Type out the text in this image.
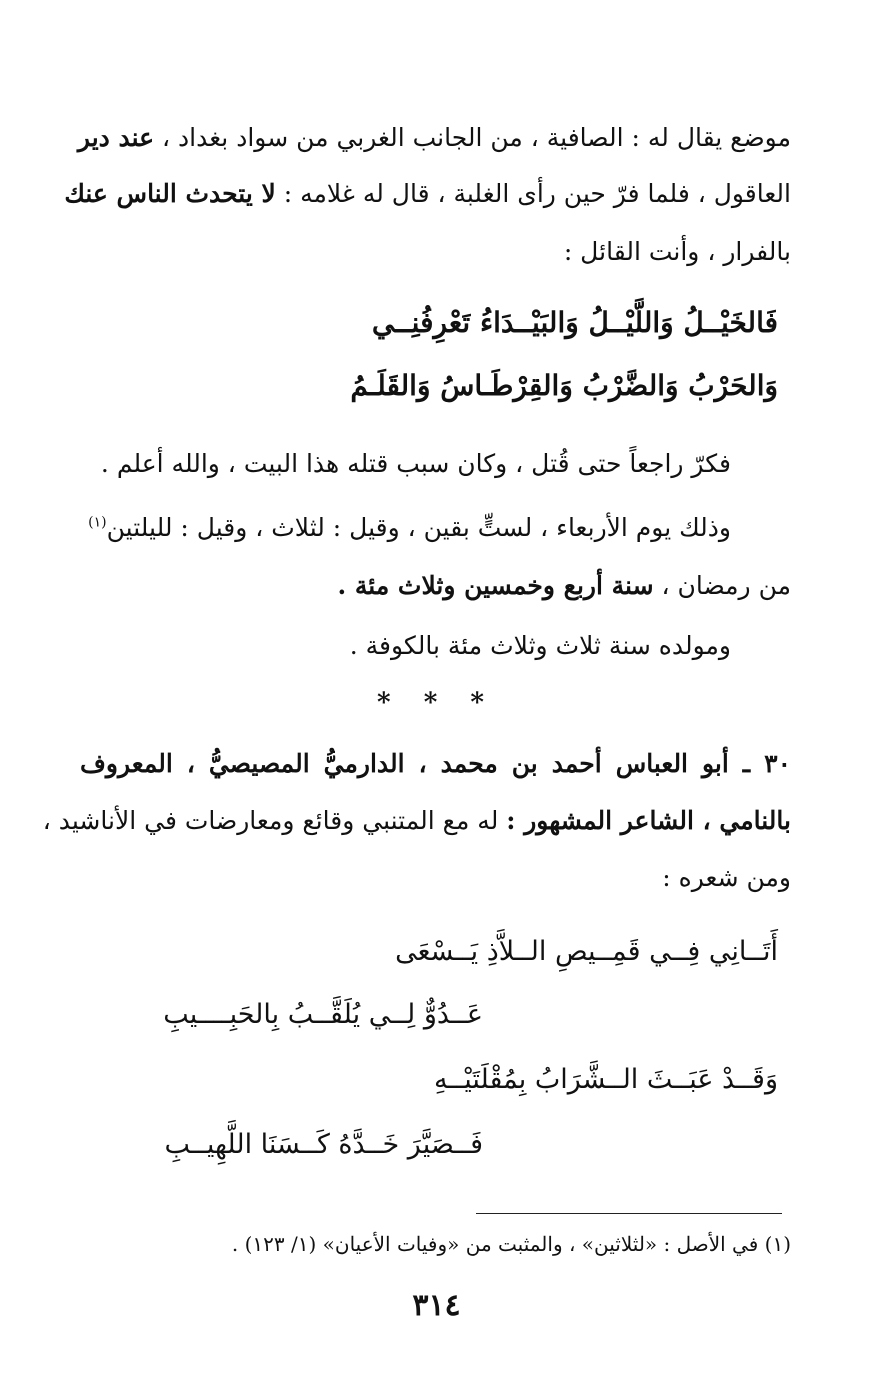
موضع يقال له : الصافية ، من الجانب الغربي من سواد بغداد ، عند دير
العاقول ، فلما فرّ حين رأى الغلبة ، قال له غلامه : لا يتحدث الناس عنك
بالفرار ، وأنت القائل :
فَالخَيْــلُ وَاللَّيْــلُ وَالبَيْــدَاءُ تَعْرِفُنِــي
وَالحَرْبُ وَالضَّرْبُ وَالقِرْطَـاسُ وَالقَلَـمُ
فكرّ راجعاً حتى قُتل ، وكان سبب قتله هذا البيت ، والله أعلم .
وذلك يوم الأربعاء ، لستٍّ بقين ، وقيل : لثلاث ، وقيل : لليلتين$^{(١)}$
من رمضان ، سنة أربع وخمسين وثلاث مئة .
ومولده سنة ثلاث وثلاث مئة بالكوفة .
* * *
٣٠ ـ أبو العباس أحمد بن محمد ، الدارميُّ المصيصيُّ ، المعروف
بالنامي ، الشاعر المشهور : له مع المتنبي وقائع ومعارضات في الأناشيد ،
ومن شعره :
أَتَــانِي فِــي قَمِــيصِ الــلاَّذِ يَــسْعَى
عَــدُوٌّ لِــي يُلَقَّــبُ بِالحَبِــــيبِ
وَقَــدْ عَبَــثَ الــشَّرَابُ بِمُقْلَتَيْــهِ
فَــصَيَّرَ خَــدَّهُ كَــسَنَا اللَّهِيــبِ
(١) في الأصل : «لثلاثين» ، والمثبت من «وفيات الأعيان» (١/ ١٢٣) .
٣١٤
